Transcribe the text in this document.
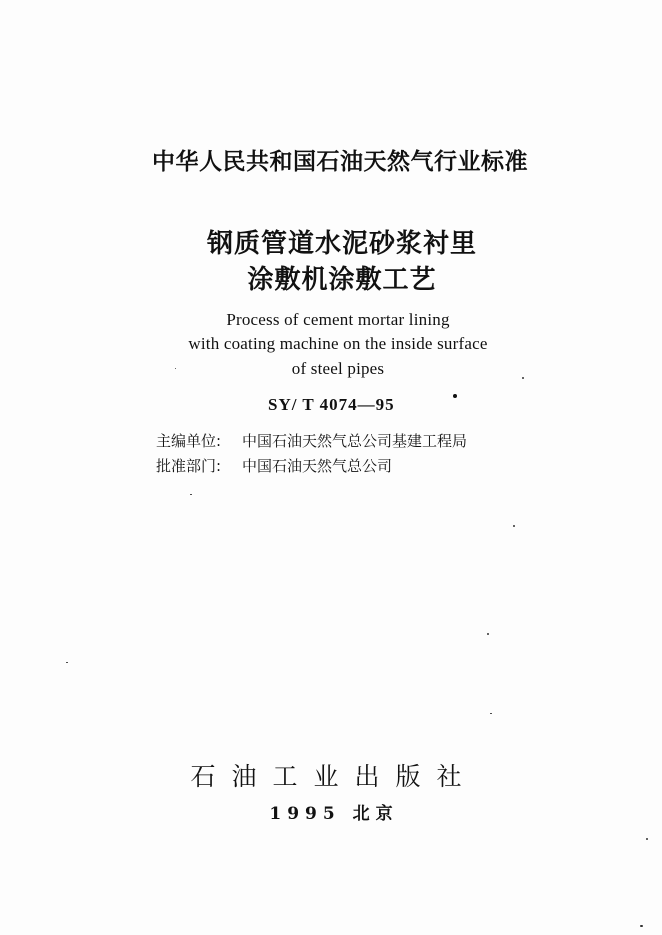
中华人民共和国石油天然气行业标准
钢质管道水泥砂浆衬里
涂敷机涂敷工艺
Process of cement mortar lining
with coating machine on the inside surface
of steel pipes
SY/ T 4074—95
主编单位: 中国石油天然气总公司基建工程局
批准部门: 中国石油天然气总公司
石油工业出版社
1995 北京
